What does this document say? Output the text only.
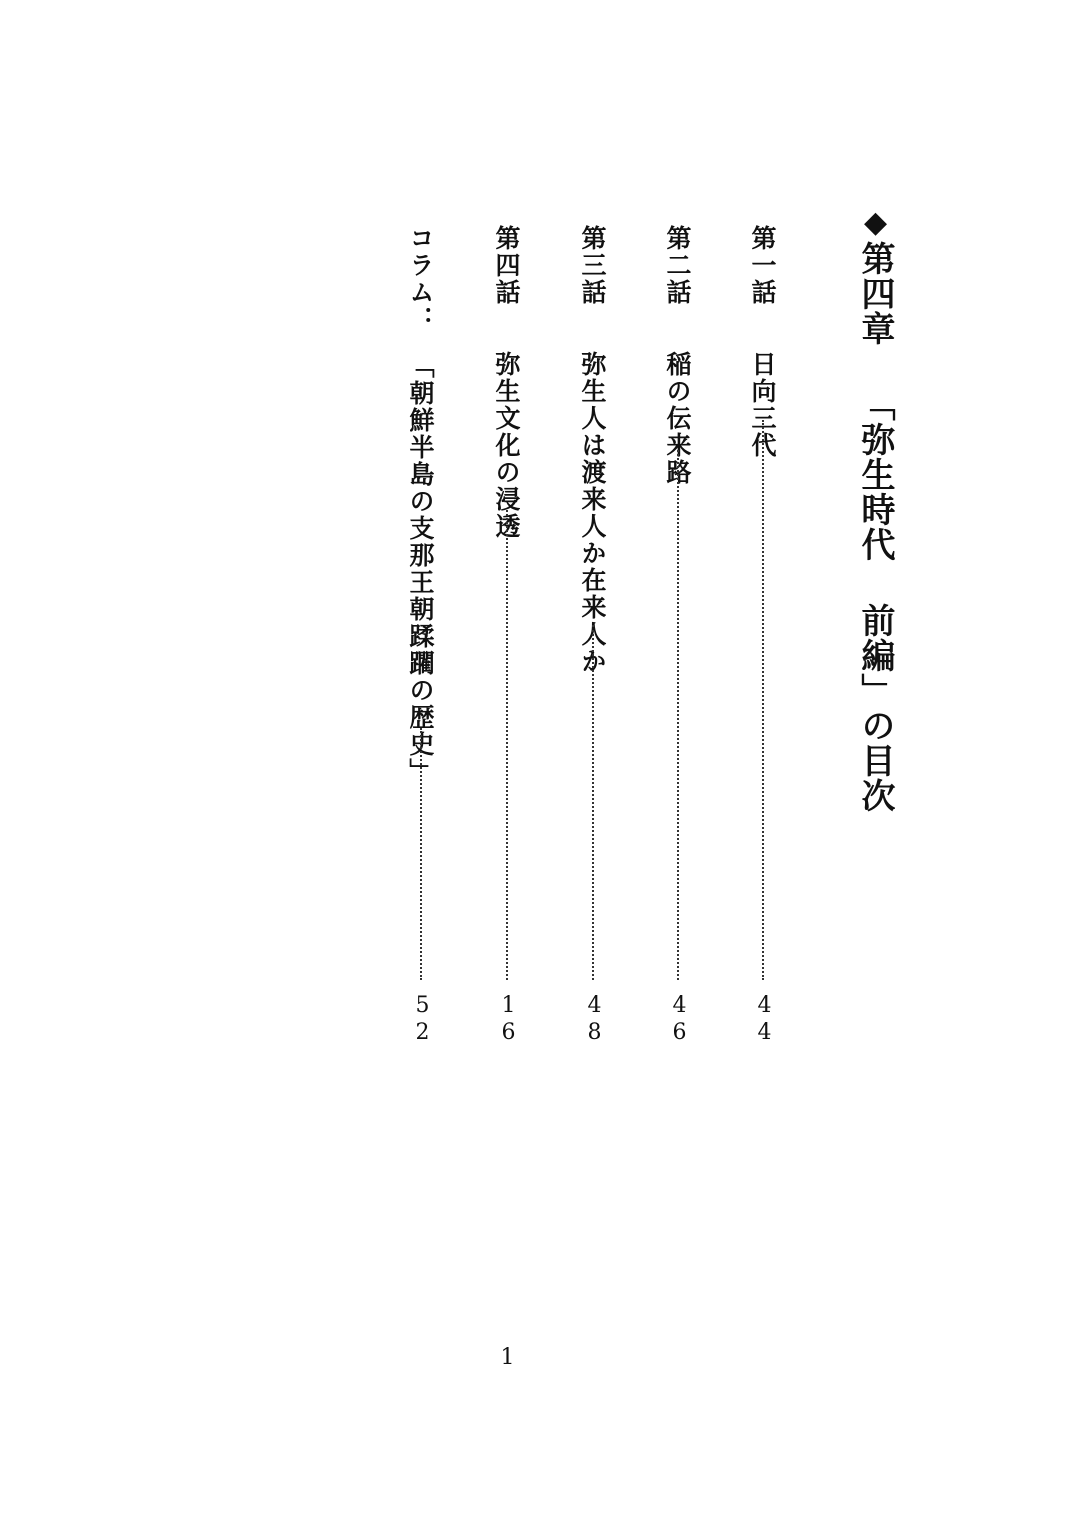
◆第四章 「弥生時代 前編」の目次
第一話日向三代
44
第二話稲の伝来路
46
第三話弥生人は渡来人か在来人か
48
第四話弥生文化の浸透
16
コラム：「朝鮮半島の支那王朝蹂躙の歴史」
52
1
